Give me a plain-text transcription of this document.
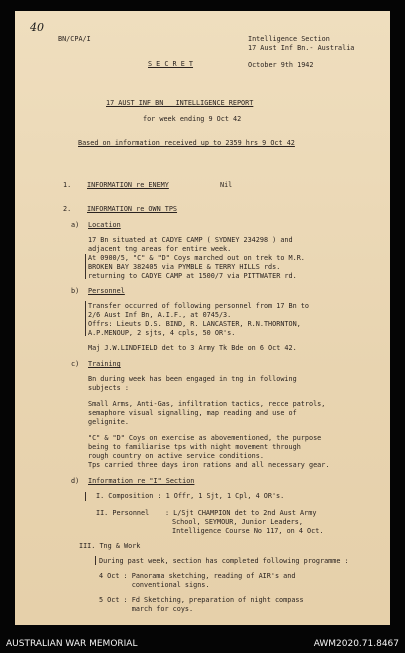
40
BN/CPA/I	Intelligence Section
17 Aust Inf Bn.- Australia
S E C R E T	October 9th 1942
17 AUST INF BN   INTELLIGENCE REPORT
for week ending 9 Oct 42
Based on information received up to 2359 hrs 9 Oct 42
1. INFORMATION re ENEMY	Nil
2. INFORMATION re OWN TPS
a) Location
17 Bn situated at CADYE CAMP ( SYDNEY 234298 ) and
adjacent tng areas for entire week.
At 0900/5, "C" & "D" Coys marched out on trek to M.R.
BROKEN BAY 382405 via PYMBLE & TERRY HILLS rds.
returning to CADYE CAMP at 1500/7 via PITTWATER rd.
b) Personnel
Transfer occurred of following personnel from 17 Bn to
2/6 Aust Inf Bn, A.I.F., at 0745/3.
Offrs: Lieuts D.S. BIND, R. LANCASTER, R.N.THORNTON,
A.P.MENOUP, 2 sjts, 4 cpls, 50 OR's.
Maj J.W.LINDFIELD det to 3 Army Tk Bde on 6 Oct 42.
c) Training
Bn during week has been engaged in tng in following
subjects :
Small Arms, Anti-Gas, infiltration tactics, recce patrols,
semaphore visual signalling, map reading and use of
gelignite.
"C" & "D" Coys on exercise as abovementioned, the purpose
being to familiarise tps with night movement through
rough country on active service conditions.
Tps carried three days iron rations and all necessary gear.
d) Information re "I" Section
I. Composition : 1 Offr, 1 Sjt, 1 Cpl, 4 OR's.
II. Personnel : L/Sjt CHAMPION det to 2nd Aust Army
School, SEYMOUR, Junior Leaders,
Intelligence Course No 117, on 4 Oct.
III. Tng & Work
During past week, section has completed following programme :
4 Oct : Panorama sketching, reading of AIR's and
conventional signs.
5 Oct : Fd Sketching, preparation of night compass
march for coys.
AUSTRALIAN WAR MEMORIAL	AWM2020.71.8467
